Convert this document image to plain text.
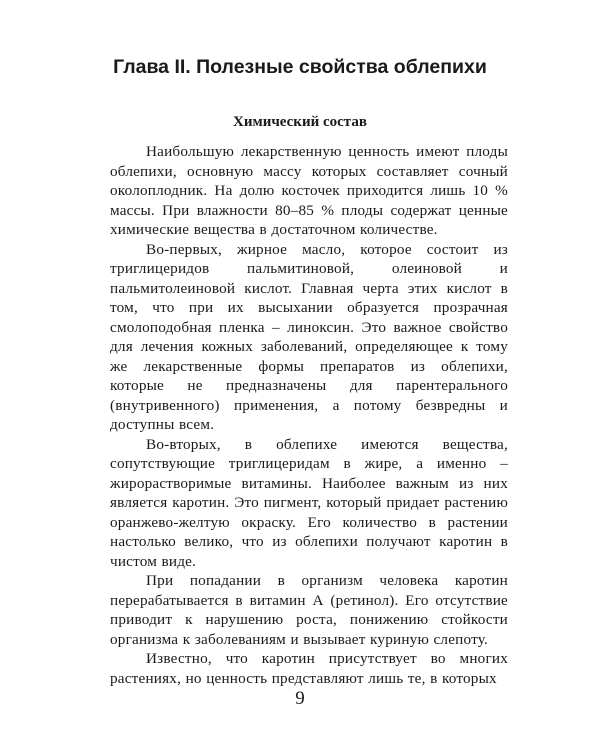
Глава II. Полезные свойства облепихи
Химический состав

Наибольшую лекарственную ценность имеют плоды облепихи, основную массу которых составляет сочный околоплодник. На долю косточек приходится лишь 10 % массы. При влажности 80–85 % плоды содержат ценные химические вещества в достаточном количестве.

Во-первых, жирное масло, которое состоит из триглицеридов пальмитиновой, олеиновой и пальмитолеиновой кислот. Главная черта этих кислот в том, что при их высыхании образуется прозрачная смолоподобная пленка – линоксин. Это важное свойство для лечения кожных заболеваний, определяющее к тому же лекарственные формы препаратов из облепихи, которые не предназначены для парентерального (внутривенного) применения, а потому безвредны и доступны всем.

Во-вторых, в облепихе имеются вещества, сопутствующие триглицеридам в жире, а именно – жирорастворимые витамины. Наиболее важным из них является каротин. Это пигмент, который придает растению оранжево-желтую окраску. Его количество в растении настолько велико, что из облепихи получают каротин в чистом виде.

При попадании в организм человека каротин перерабатывается в витамин А (ретинол). Его отсутствие приводит к нарушению роста, понижению стойкости организма к заболеваниям и вызывает куриную слепоту.

Известно, что каротин присутствует во многих растениях, но ценность представляют лишь те, в которых

9
